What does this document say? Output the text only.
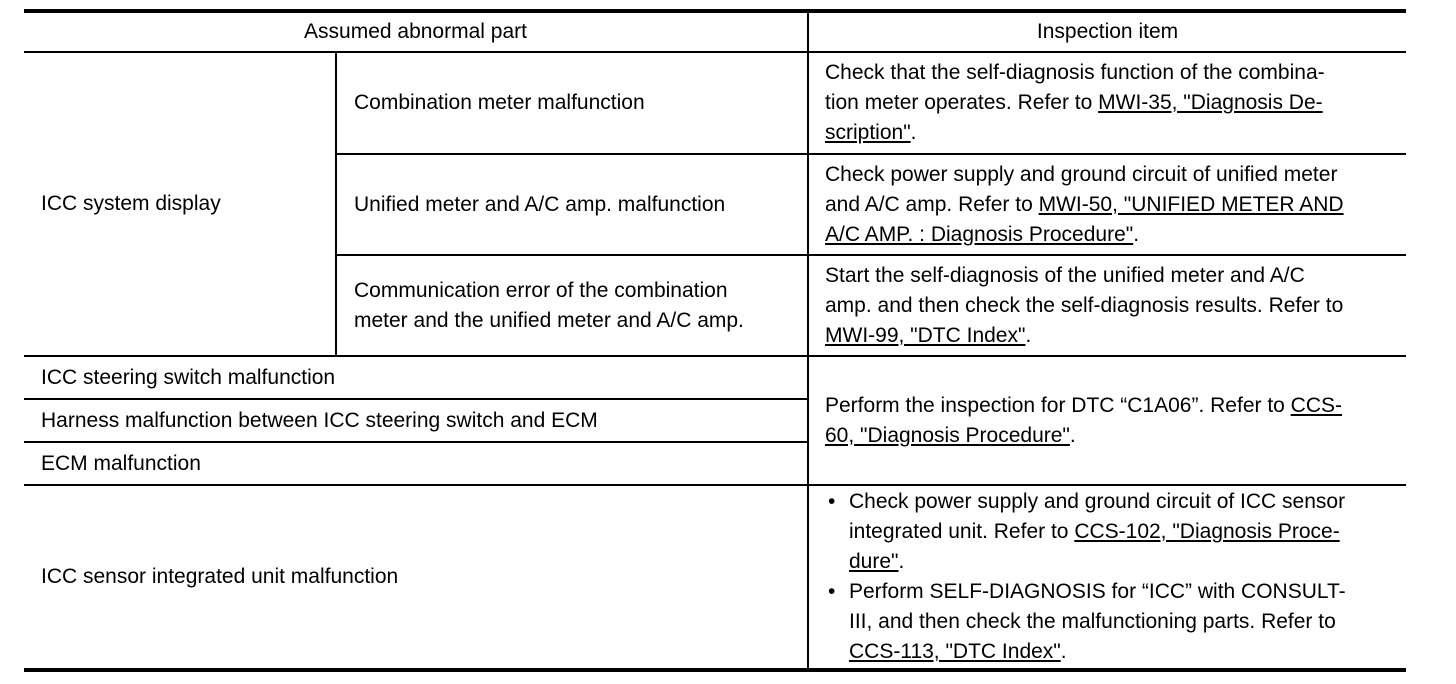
Assumed abnormal part	Inspection item
ICC system display
Combination meter malfunction
Check that the self-diagnosis function of the combina-
tion meter operates. Refer to MWI-35, "Diagnosis De-
scription".
Unified meter and A/C amp. malfunction
Check power supply and ground circuit of unified meter
and A/C amp. Refer to MWI-50, "UNIFIED METER AND
A/C AMP. : Diagnosis Procedure".
Communication error of the combination
meter and the unified meter and A/C amp.
Start the self-diagnosis of the unified meter and A/C
amp. and then check the self-diagnosis results. Refer to
MWI-99, "DTC Index".
ICC steering switch malfunction
Harness malfunction between ICC steering switch and ECM
ECM malfunction
Perform the inspection for DTC “C1A06”. Refer to CCS-
60, "Diagnosis Procedure".
ICC sensor integrated unit malfunction
• Check power supply and ground circuit of ICC sensor
integrated unit. Refer to CCS-102, "Diagnosis Proce-
dure".
• Perform SELF-DIAGNOSIS for “ICC” with CONSULT-
III, and then check the malfunctioning parts. Refer to
CCS-113, "DTC Index".
